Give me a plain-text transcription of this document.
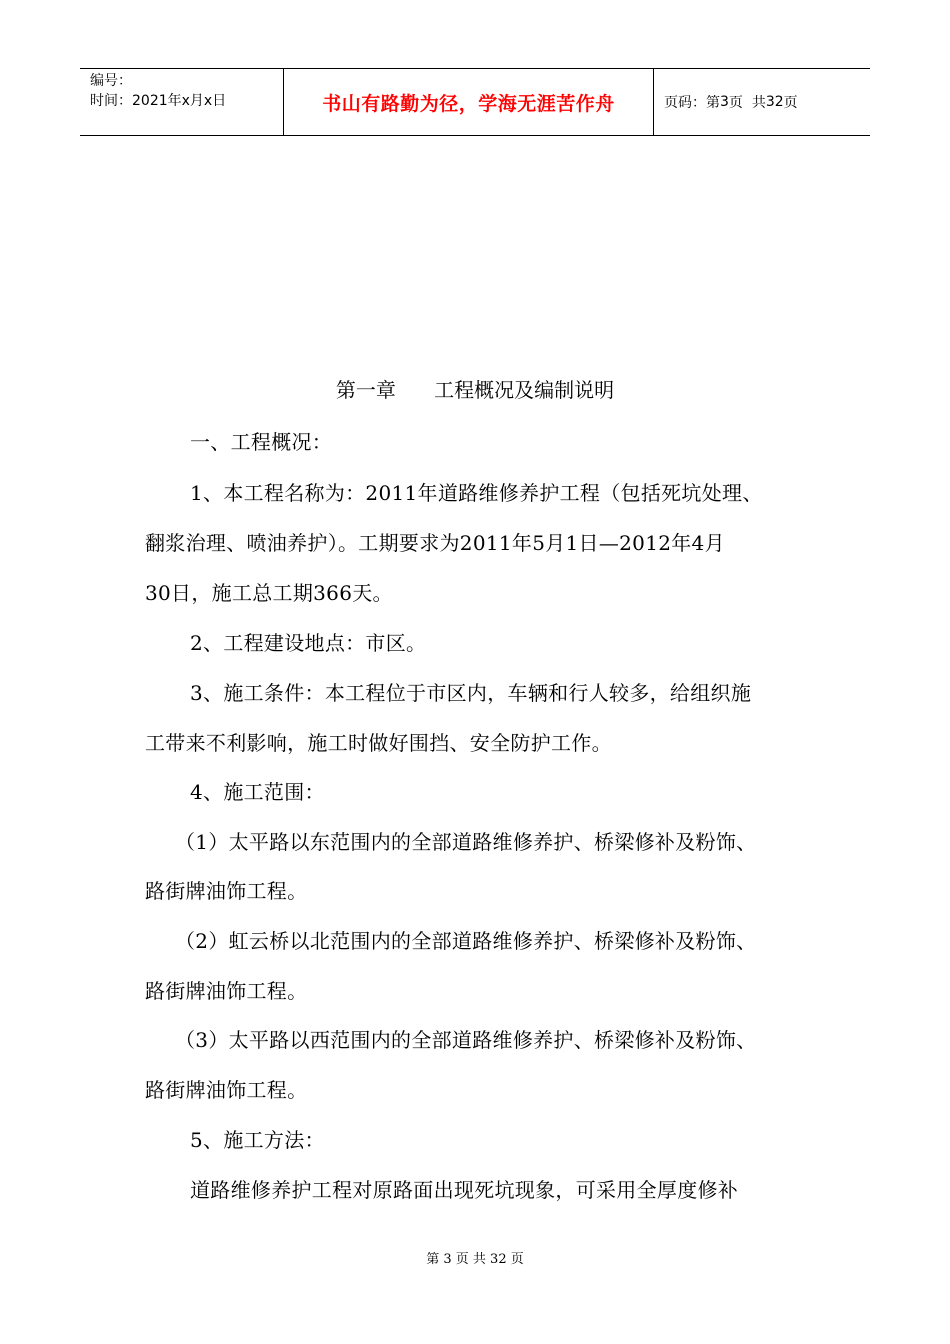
编号：
时间：2021年x月x日	书山有路勤为径，学海无涯苦作舟	页码：第 3 页  共 32 页
第一章      工程概况及编制说明
一、工程概况：
1、本工程名称为：2011年道路维修养护工程（包括死坑处理、
翻浆治理、喷油养护）。工期要求为2011年5月1日—2012年4月
30日，施工总工期366天。
2、工程建设地点：市区。
3、施工条件：本工程位于市区内，车辆和行人较多，给组织施
工带来不利影响，施工时做好围挡、安全防护工作。
4、施工范围：
（1）太平路以东范围内的全部道路维修养护、桥梁修补及粉饰、
路街牌油饰工程。
（2）虹云桥以北范围内的全部道路维修养护、桥梁修补及粉饰、
路街牌油饰工程。
（3）太平路以西范围内的全部道路维修养护、桥梁修补及粉饰、
路街牌油饰工程。
5、施工方法：
道路维修养护工程对原路面出现死坑现象，可采用全厚度修补
第 3 页 共 32 页
